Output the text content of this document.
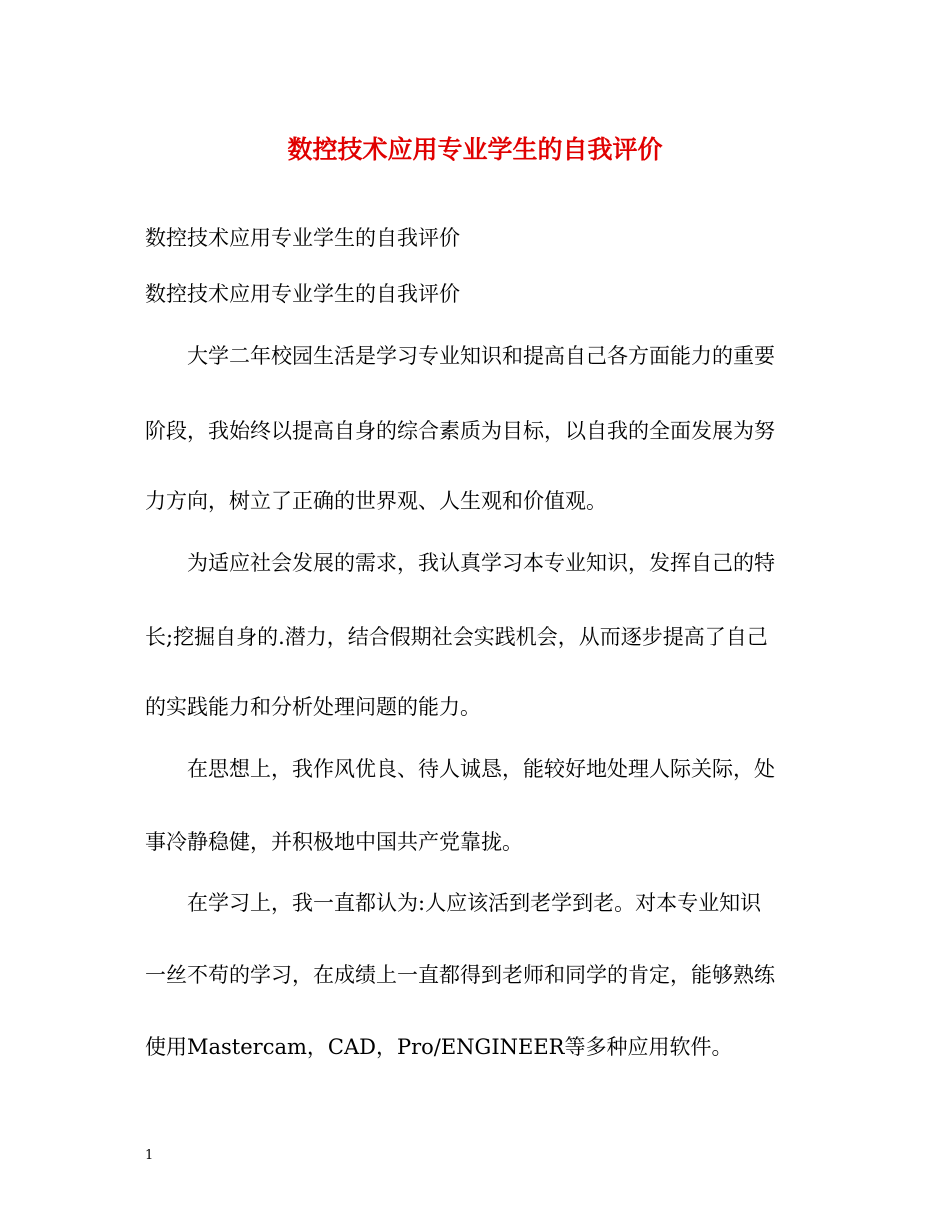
数控技术应用专业学生的自我评价

数控技术应用专业学生的自我评价

数控技术应用专业学生的自我评价

大学二年校园生活是学习专业知识和提高自己各方面能力的重要

阶段，我始终以提高自身的综合素质为目标，以自我的全面发展为努

力方向，树立了正确的世界观、人生观和价值观。

为适应社会发展的需求，我认真学习本专业知识，发挥自己的特

长;挖掘自身的.潜力，结合假期社会实践机会，从而逐步提高了自己

的实践能力和分析处理问题的能力。

在思想上，我作风优良、待人诚恳，能较好地处理人际关际，处

事冷静稳健，并积极地中国共产党靠拢。

在学习上，我一直都认为:人应该活到老学到老。对本专业知识

一丝不苟的学习，在成绩上一直都得到老师和同学的肯定，能够熟练

使用Mastercam，CAD，Pro/ENGINEER等多种应用软件。

1
